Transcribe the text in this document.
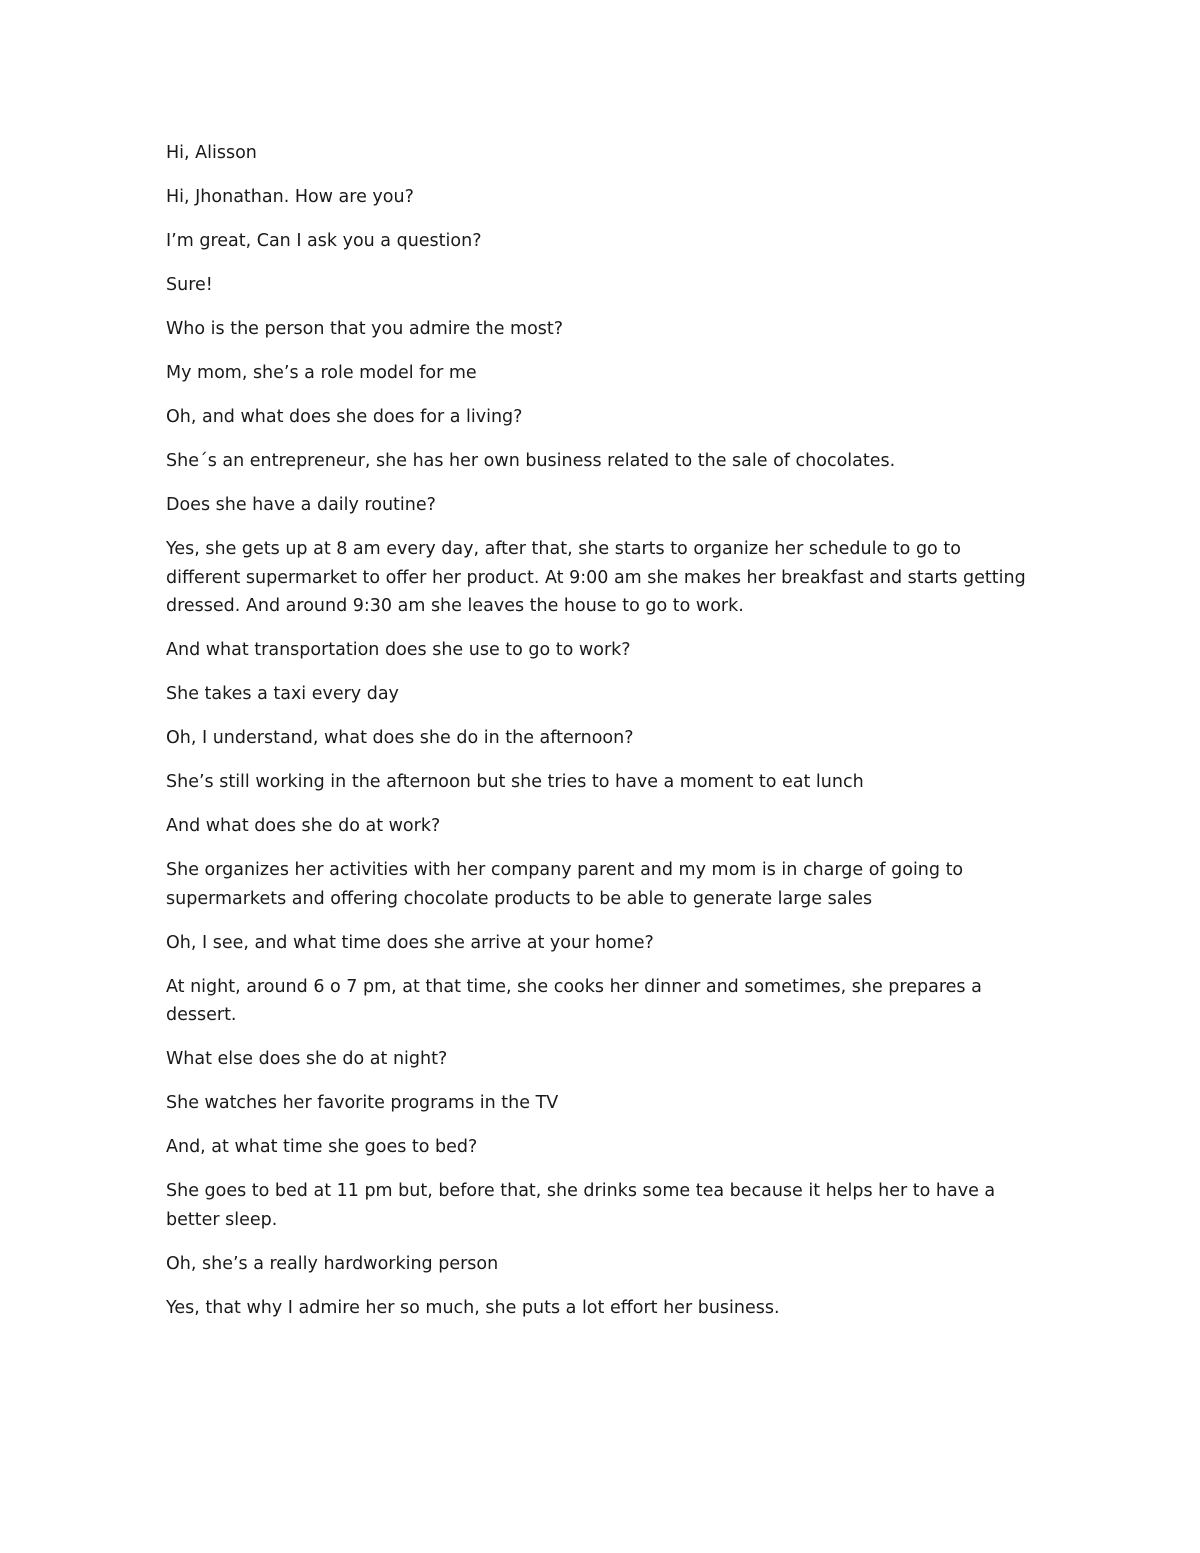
Hi, Alisson

Hi, Jhonathan. How are you?

I’m great, Can I ask you a question?

Sure!

Who is the person that you admire the most?

My mom, she’s a role model for me

Oh, and what does she does for a living?

She´s an entrepreneur, she has her own business related to the sale of chocolates.

Does she have a daily routine?

Yes, she gets up at 8 am every day, after that, she starts to organize her schedule to go to different supermarket to offer her product. At 9:00 am she makes her breakfast and starts getting dressed. And around 9:30 am she leaves the house to go to work.

And what transportation does she use to go to work?

She takes a taxi every day

Oh, I understand, what does she do in the afternoon?

She’s still working in the afternoon but she tries to have a moment to eat lunch

And what does she do at work?

She organizes her activities with her company parent and my mom is in charge of going to supermarkets and offering chocolate products to be able to generate large sales

Oh, I see, and what time does she arrive at your home?

At night, around 6 o 7 pm, at that time, she cooks her dinner and sometimes, she prepares a dessert.

What else does she do at night?

She watches her favorite programs in the TV

And, at what time she goes to bed?

She goes to bed at 11 pm but, before that, she drinks some tea because it helps her to have a better sleep.

Oh, she’s a really hardworking person

Yes, that why I admire her so much, she puts a lot effort her business.
